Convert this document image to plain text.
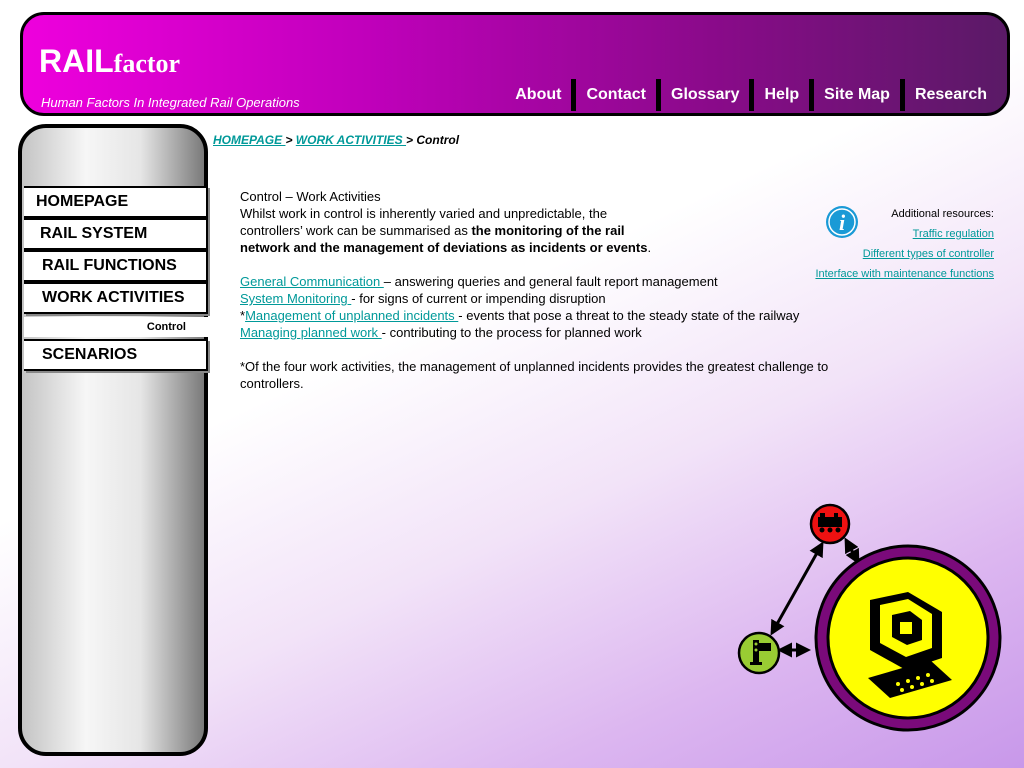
RAILfactor
Human Factors In Integrated Rail Operations	About	Contact	Glossary	Help	Site Map	Research
HOMEPAGE
RAIL SYSTEM
RAIL FUNCTIONS
WORK ACTIVITIES
Control
SCENARIOS
HOMEPAGE > WORK ACTIVITIES > Control
i	Additional resources:
Traffic regulation
Different types of controller
Interface with maintenance functions

Control – Work Activities

Whilst work in control is inherently varied and unpredictable, the controllers’ work can be summarised as the monitoring of the rail network and the management of deviations as incidents or events.

General Communication – answering queries and general fault report management

System Monitoring - for signs of current or impending disruption

*Management of unplanned incidents - events that pose a threat to the steady state of the railway

Managing planned work - contributing to the process for planned work

*Of the four work activities, the management of unplanned incidents provides the greatest challenge to controllers.
